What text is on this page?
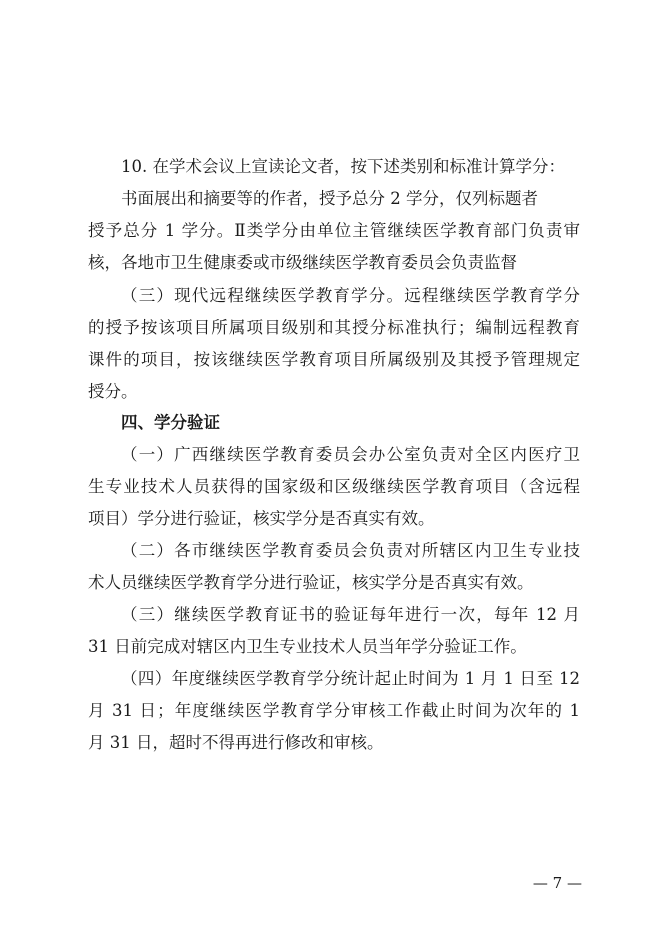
10. 在学术会议上宣读论文者，按下述类别和标准计算学分：
书面展出和摘要等的作者，授予总分 2 学分，仅列标题者
授予总分 1 学分。Ⅱ类学分由单位主管继续医学教育部门负责审
核，各地市卫生健康委或市级继续医学教育委员会负责监督
（三）现代远程继续医学教育学分。远程继续医学教育学分
的授予按该项目所属项目级别和其授分标准执行；编制远程教育
课件的项目，按该继续医学教育项目所属级别及其授予管理规定
授分。
四、学分验证
（一）广西继续医学教育委员会办公室负责对全区内医疗卫
生专业技术人员获得的国家级和区级继续医学教育项目（含远程
项目）学分进行验证，核实学分是否真实有效。
（二）各市继续医学教育委员会负责对所辖区内卫生专业技
术人员继续医学教育学分进行验证，核实学分是否真实有效。
（三）继续医学教育证书的验证每年进行一次，每年 12 月
31 日前完成对辖区内卫生专业技术人员当年学分验证工作。
（四）年度继续医学教育学分统计起止时间为 1 月 1 日至 12
月 31 日；年度继续医学教育学分审核工作截止时间为次年的 1
月 31 日，超时不得再进行修改和审核。
— 7 —
